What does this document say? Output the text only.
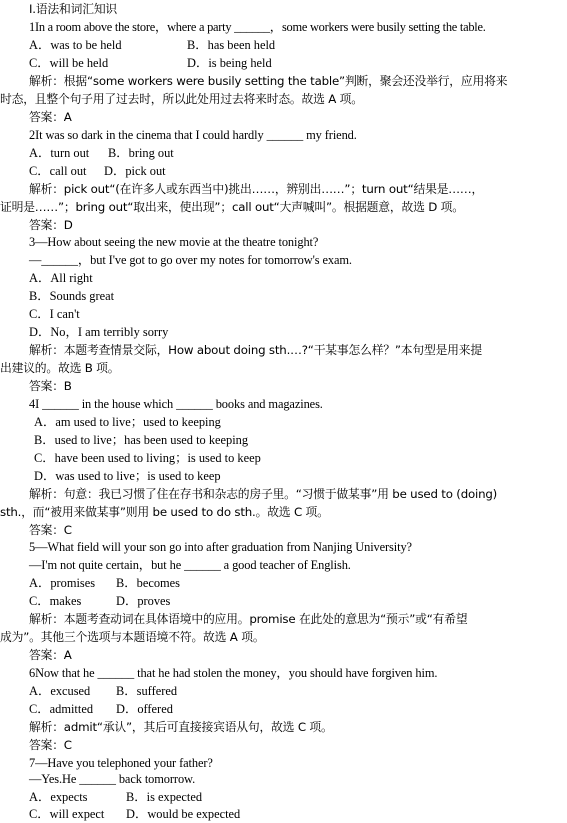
Ⅰ.语法和词汇知识
1In a room above the store，where a party ______，some workers were busily setting the table.
A．was to be held	B．has been held
C．will be held	D．is being held
解析：根据“some workers were busily setting the table”判断，聚会还没举行，应用将来
时态，且整个句子用了过去时，所以此处用过去将来时态。故选 A 项。
答案：A
2It was so dark in the cinema that I could hardly ______ my friend.
A．turn out B．bring out
C．call out D．pick out
解析：pick out“(在许多人或东西当中)挑出……，辨别出……”；turn out“结果是……，
证明是……”；bring out“取出来，使出现”；call out“大声喊叫”。根据题意，故选 D 项。
答案：D
3—How about seeing the new movie at the theatre tonight?
—______，but I've got to go over my notes for tomorrow's exam.
A．All right
B．Sounds great
C．I can't
D．No，I am terribly sorry
解析：本题考查情景交际，How about doing sth.…?“干某事怎么样？”本句型是用来提
出建议的。故选 B 项。
答案：B
4I ______ in the house which ______ books and magazines.
A．am used to live；used to keeping
B．used to live；has been used to keeping
C．have been used to living；is used to keep
D．was used to live；is used to keep
解析：句意：我已习惯了住在存书和杂志的房子里。“习惯于做某事”用 be used to (doing)
sth.，而“被用来做某事”则用 be used to do sth.。故选 C 项。
答案：C
5—What field will your son go into after graduation from Nanjing University?
—I'm not quite certain，but he ______ a good teacher of English.
A．promises B．becomes
C．makes	D．proves
解析：本题考查动词在具体语境中的应用。promise 在此处的意思为“预示”或“有希望
成为”。其他三个选项与本题语境不符。故选 A 项。
答案：A
6Now that he ______ that he had stolen the money，you should have forgiven him.
A．excused B．suffered
C．admitted D．offered
解析：admit“承认”，其后可直接接宾语从句，故选 C 项。
答案：C
7—Have you telephoned your father?
—Yes.He ______ back tomorrow.
A．expects	B．is expected
C．will expect D．would be expected
